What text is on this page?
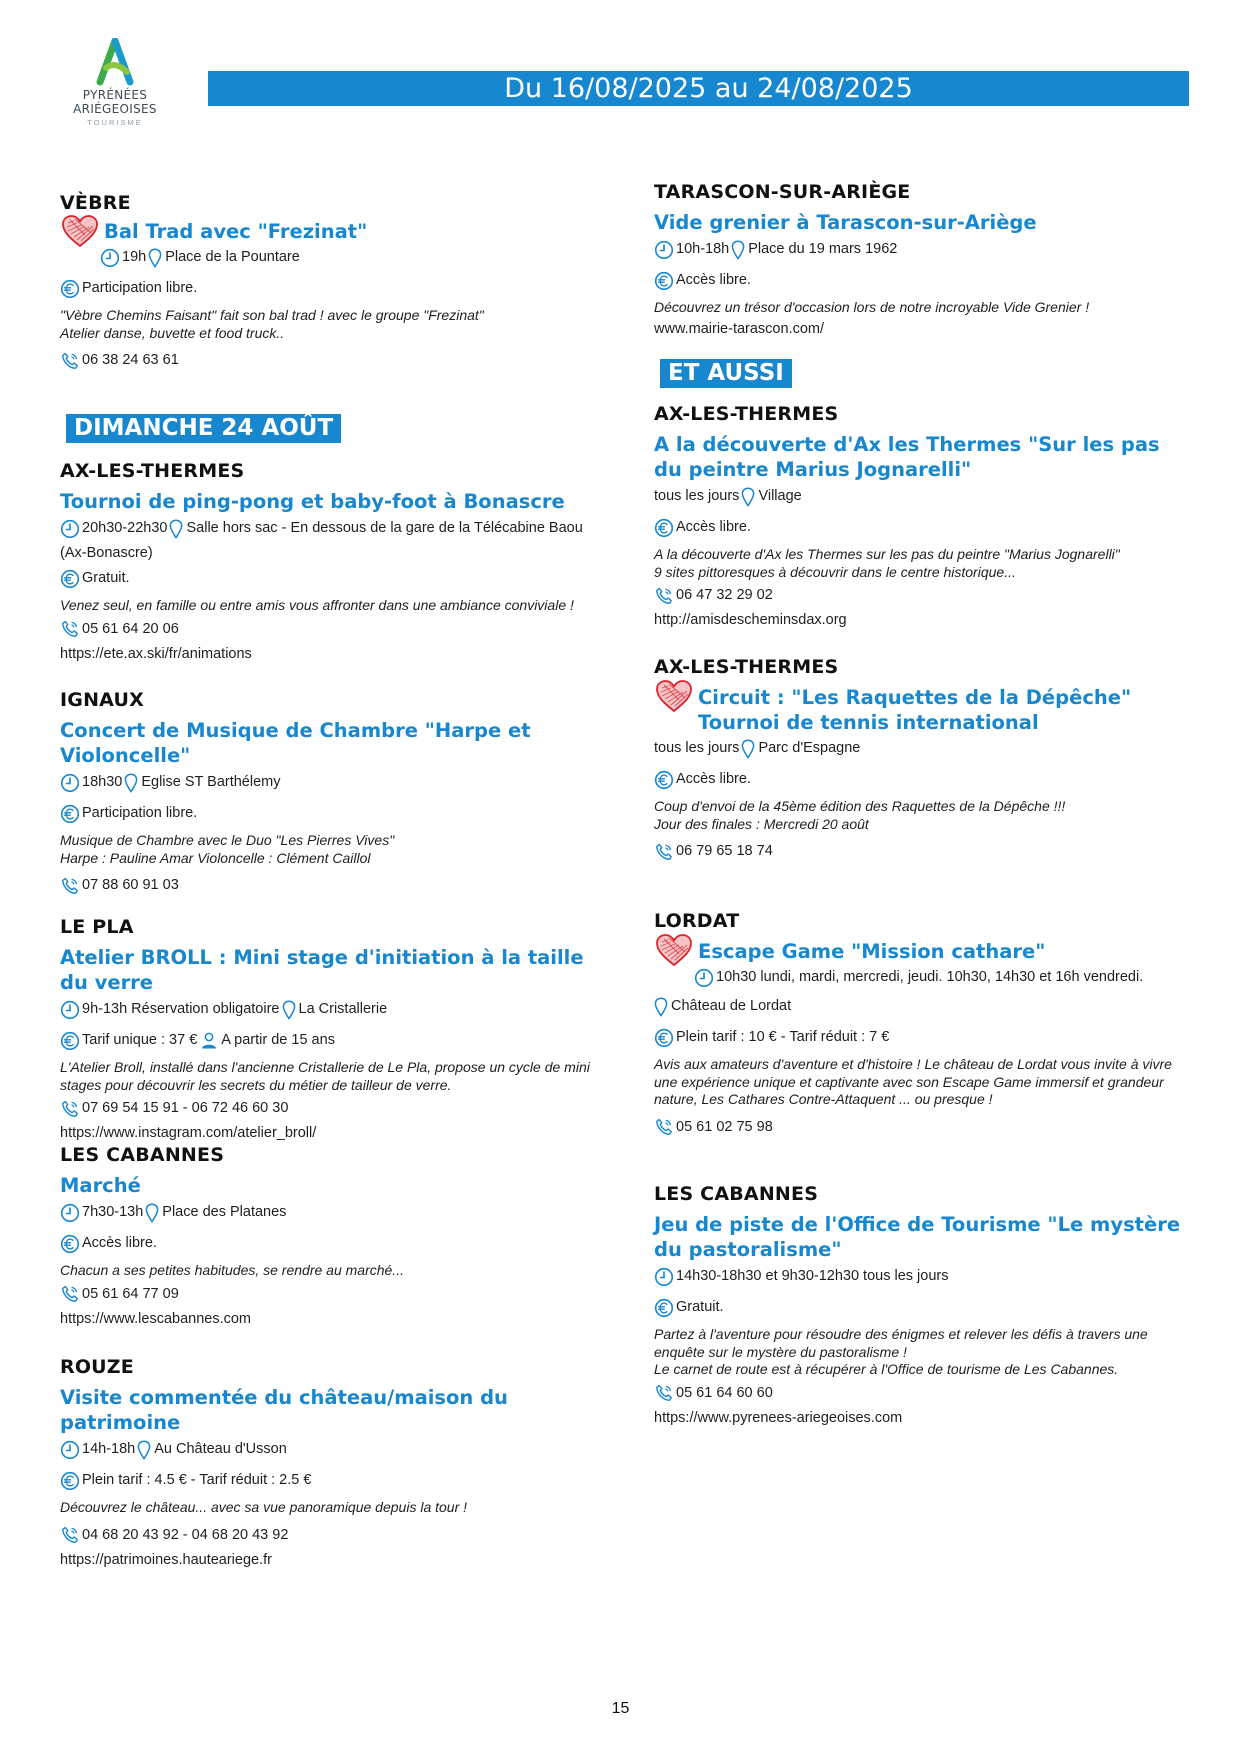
PYRÉNÉES
ARIÉGEOISES
TOURISME
Du 16/08/2025 au 24/08/2025
VÈBRE
Bal Trad avec "Frezinat"
19h Place de la Pountare
Participation libre.
"Vèbre Chemins Faisant" fait son bal trad ! avec le groupe "Frezinat"
Atelier danse, buvette et food truck..
06 38 24 63 61
DIMANCHE 24 AOÛT
AX-LES-THERMES
Tournoi de ping-pong et baby-foot à Bonascre
20h30-22h30 Salle hors sac - En dessous de la gare de la Télécabine Baou
(Ax-Bonascre)
Gratuit.
Venez seul, en famille ou entre amis vous affronter dans une ambiance conviviale !
05 61 64 20 06
https://ete.ax.ski/fr/animations
IGNAUX
Concert de Musique de Chambre "Harpe et Violoncelle"
18h30 Eglise ST Barthélemy
Participation libre.
Musique de Chambre avec le Duo "Les Pierres Vives"
Harpe : Pauline Amar Violoncelle : Clément Caillol
07 88 60 91 03
LE PLA
Atelier BROLL : Mini stage d'initiation à la taille du verre
9h-13h Réservation obligatoire La Cristallerie
Tarif unique : 37 € A partir de 15 ans
L'Atelier Broll, installé dans l'ancienne Cristallerie de Le Pla, propose un cycle de mini
stages pour découvrir les secrets du métier de tailleur de verre.
07 69 54 15 91 - 06 72 46 60 30
https://www.instagram.com/atelier_broll/
LES CABANNES
Marché
7h30-13h Place des Platanes
Accès libre.
Chacun a ses petites habitudes, se rendre au marché...
05 61 64 77 09
https://www.lescabannes.com
ROUZE
Visite commentée du château/maison du patrimoine
14h-18h Au Château d'Usson
Plein tarif : 4.5 € - Tarif réduit : 2.5 €
Découvrez le château... avec sa vue panoramique depuis la tour !
04 68 20 43 92 - 04 68 20 43 92
https://patrimoines.hauteariege.fr
TARASCON-SUR-ARIÈGE
Vide grenier à Tarascon-sur-Ariège
10h-18h Place du 19 mars 1962
Accès libre.
Découvrez un trésor d'occasion lors de notre incroyable Vide Grenier !
www.mairie-tarascon.com/
ET AUSSI
AX-LES-THERMES
A la découverte d'Ax les Thermes "Sur les pas du peintre Marius Jognarelli"
tous les jours Village
Accès libre.
A la découverte d'Ax les Thermes sur les pas du peintre "Marius Jognarelli"
9 sites pittoresques à découvrir dans le centre historique...
06 47 32 29 02
http://amisdescheminsdax.org
AX-LES-THERMES
Circuit : "Les Raquettes de la Dépêche" Tournoi de tennis international
tous les jours Parc d'Espagne
Accès libre.
Coup d'envoi de la 45ème édition des Raquettes de la Dépêche !!!
Jour des finales : Mercredi 20 août
06 79 65 18 74
LORDAT
Escape Game "Mission cathare"
10h30 lundi, mardi, mercredi, jeudi. 10h30, 14h30 et 16h vendredi.
Château de Lordat
Plein tarif : 10 € - Tarif réduit : 7 €
Avis aux amateurs d'aventure et d'histoire ! Le château de Lordat vous invite à vivre
une expérience unique et captivante avec son Escape Game immersif et grandeur
nature, Les Cathares Contre-Attaquent ... ou presque !
05 61 02 75 98
LES CABANNES
Jeu de piste de l'Office de Tourisme "Le mystère du pastoralisme"
14h30-18h30 et 9h30-12h30 tous les jours
Gratuit.
Partez à l'aventure pour résoudre des énigmes et relever les défis à travers une
enquête sur le mystère du pastoralisme !
Le carnet de route est à récupérer à l'Office de tourisme de Les Cabannes.
05 61 64 60 60
https://www.pyrenees-ariegeoises.com
15
